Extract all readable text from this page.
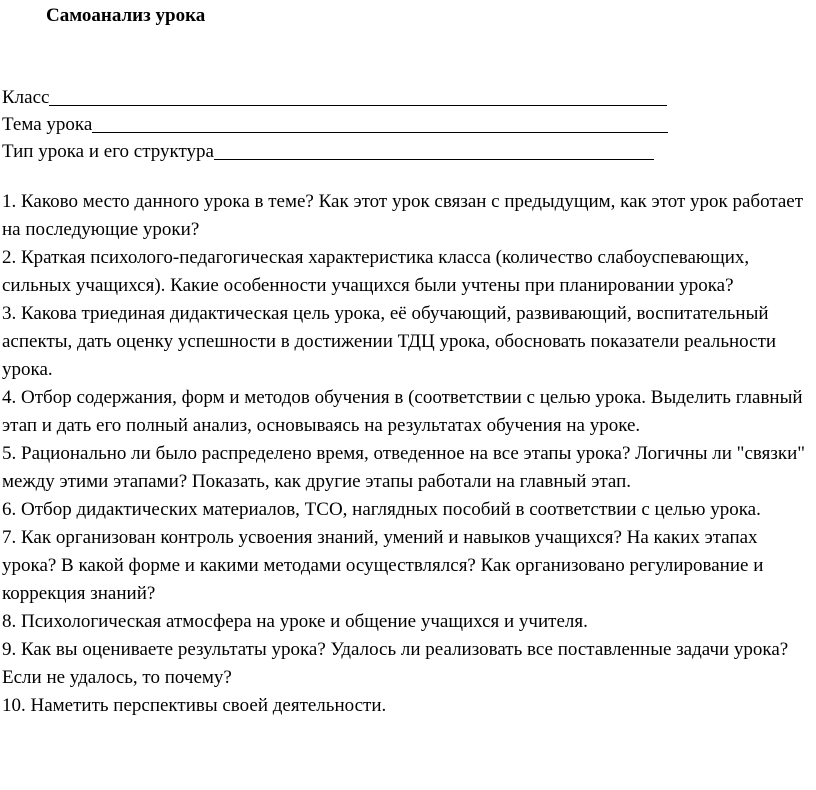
Самоанализ урока
Класс
Тема урока
Тип урока и его структура
1. Каково место данного урока в теме? Как этот урок связан с предыдущим, как этот урок работает на последующие уроки?
2. Краткая психолого-педагогическая характеристика класса (количество слабоуспевающих, сильных учащихся). Какие особенности учащихся были учтены при планировании урока?
3. Какова триединая дидактическая цель урока, её обучающий, развивающий, воспитательный аспекты, дать оценку успешности в достижении ТДЦ урока, обосновать показатели реальности урока.
4. Отбор содержания, форм и методов обучения в (соответствии с целью урока. Выделить главный этап и дать его полный анализ, основываясь на результатах обучения на уроке.
5. Рационально ли было распределено время, отведенное на все этапы урока? Логичны ли "связки" между этими этапами? Показать, как другие этапы работали на главный этап.
6. Отбор дидактических материалов, ТСО, наглядных пособий в соответствии с целью урока.
7. Как организован контроль усвоения знаний, умений и навыков учащихся? На каких этапах урока? В какой форме и какими методами осуществлялся? Как организовано регулирование и коррекция знаний?
8. Психологическая атмосфера на уроке и общение учащихся и учителя.
9. Как вы оцениваете результаты урока? Удалось ли реализовать все поставленные задачи урока? Если не удалось, то почему?
10. Наметить перспективы своей деятельности.
